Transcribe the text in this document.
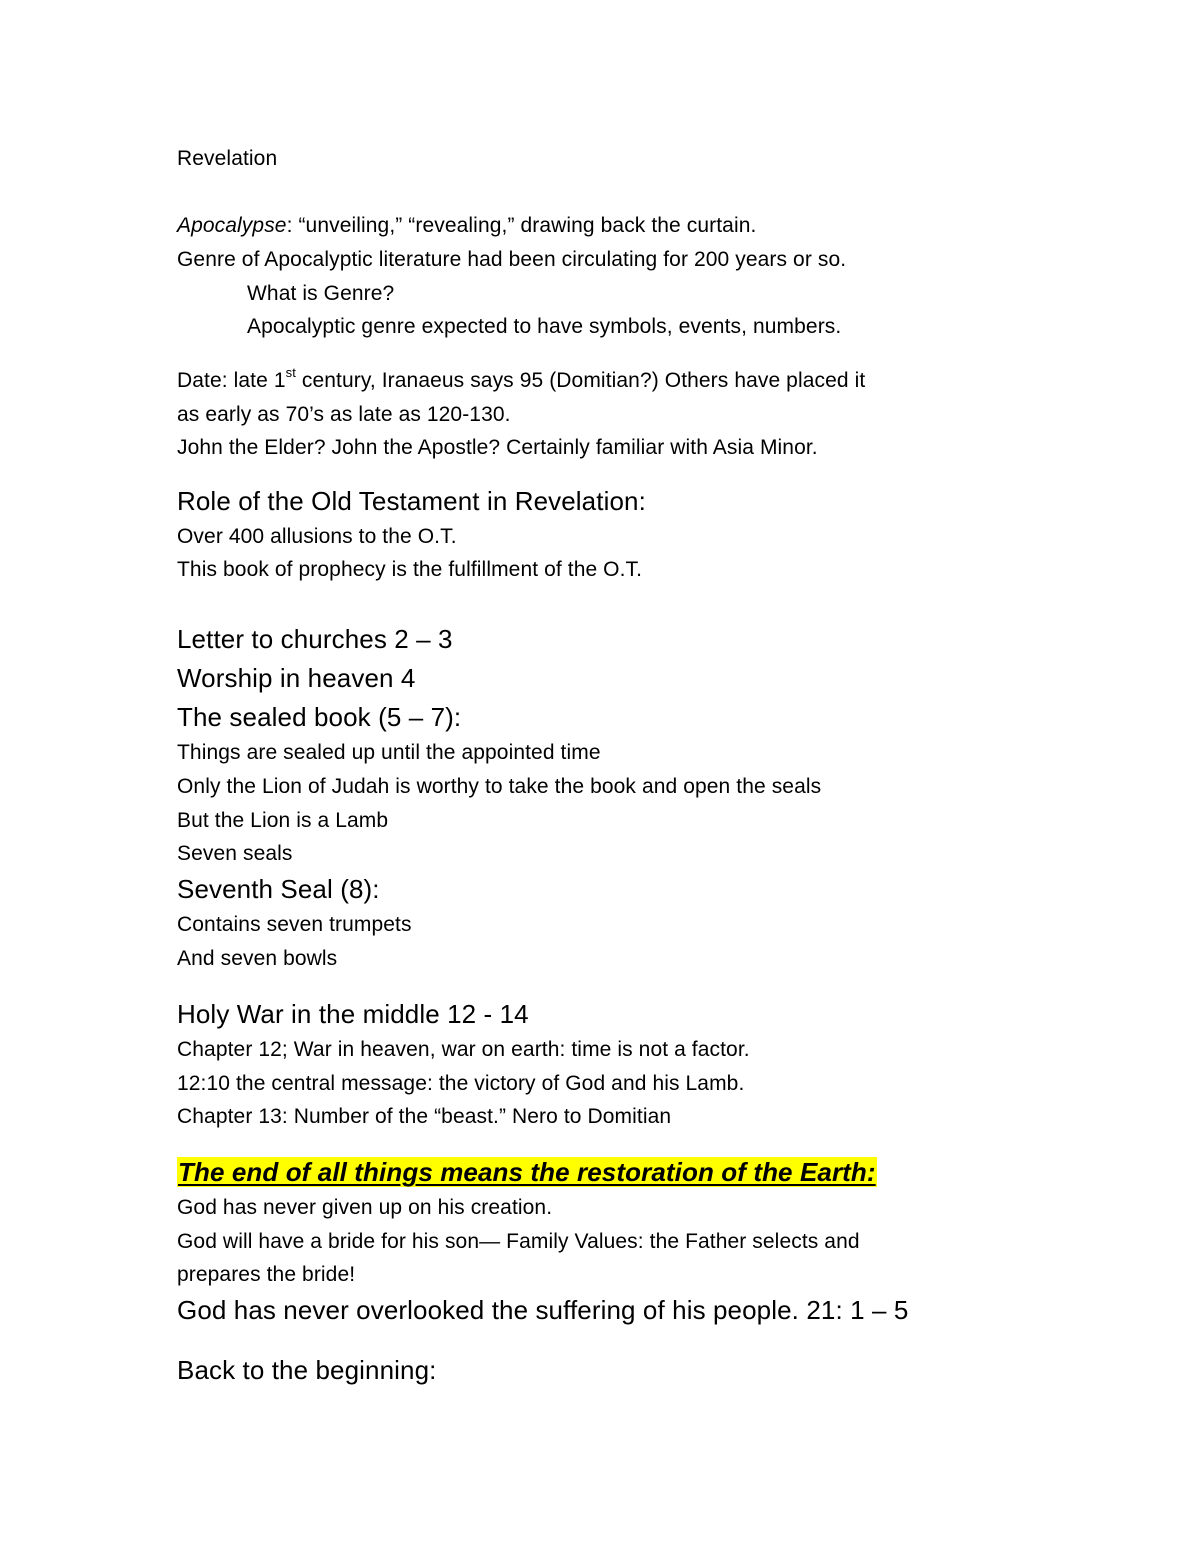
Revelation
Apocalypse: “unveiling,” “revealing,” drawing back the curtain.
Genre of Apocalyptic literature had been circulating for 200 years or so.
What is Genre?
Apocalyptic genre expected to have symbols, events, numbers.
Date: late 1st century, Iranaeus says 95 (Domitian?) Others have placed it
as early as 70’s as late as 120-130.
John the Elder? John the Apostle? Certainly familiar with Asia Minor.
Role of the Old Testament in Revelation:
Over 400 allusions to the O.T.
This book of prophecy is the fulfillment of the O.T.
Letter to churches 2 – 3
Worship in heaven 4
The sealed book (5 – 7):
Things are sealed up until the appointed time
Only the Lion of Judah is worthy to take the book and open the seals
But the Lion is a Lamb
Seven seals
Seventh Seal (8):
Contains seven trumpets
And seven bowls
Holy War in the middle 12 - 14
Chapter 12; War in heaven, war on earth: time is not a factor.
12:10 the central message: the victory of God and his Lamb.
Chapter 13: Number of the “beast.” Nero to Domitian
The end of all things means the restoration of the Earth:
God has never given up on his creation.
God will have a bride for his son— Family Values: the Father selects and
prepares the bride!
God has never overlooked the suffering of his people. 21: 1 – 5
Back to the beginning:
